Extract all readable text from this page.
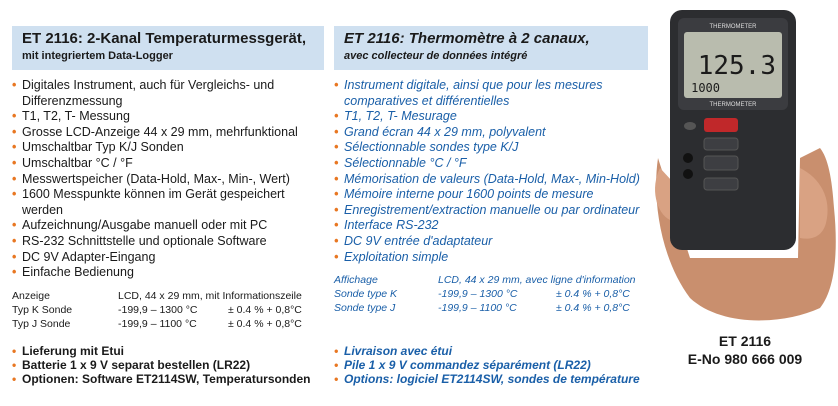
ET 2116: 2-Kanal Temperaturmessgerät,
mit integriertem Data-Logger
• Digitales Instrument, auch für Vergleichs- und Differenzmessung
• T1, T2, T- Messung
• Grosse LCD-Anzeige 44 x 29 mm, mehrfunktional
• Umschaltbar Typ K/J Sonden
• Umschaltbar °C / °F
• Messwertspeicher (Data-Hold, Max-, Min-, Wert)
• 1600 Messpunkte können im Gerät gespeichert werden
• Aufzeichnung/Ausgabe manuell oder mit PC
• RS-232 Schnittstelle und optionale Software
• DC 9V Adapter-Eingang
• Einfache Bedienung
Anzeige	LCD, 44 x 29 mm, mit Informationszeile
Typ K Sonde	-199,9 – 1300 °C	± 0.4 % + 0,8°C
Typ J Sonde	-199,9 – 1100 °C	± 0.4 % + 0,8°C
ET 2116: Thermomètre à 2 canaux,
avec collecteur de données intégré
• Instrument digitale, ainsi que pour les mesures comparatives et différentielles
• T1, T2, T- Mesurage
• Grand écran 44 x 29 mm, polyvalent
• Sélectionnable sondes type K/J
• Sélectionnable °C / °F
• Mémorisation de valeurs (Data-Hold, Max-, Min-Hold)
• Mémoire interne pour 1600 points de mesure
• Enregistrement/extraction manuelle ou par ordinateur
• Interface RS-232
• DC 9V entrée d'adaptateur
• Exploitation simple
Affichage	LCD, 44 x 29 mm, avec ligne d'information
Sonde type K	-199,9 – 1300 °C	± 0.4 % + 0,8°C
Sonde type J	-199,9 – 1100 °C	± 0.4 % + 0,8°C
• Lieferung mit Etui
• Batterie 1 x 9 V separat bestellen (LR22)
• Optionen: Software ET2114SW, Temperatursonden
• Livraison avec étui
• Pile 1 x 9 V commandez séparément (LR22)
• Options: logiciel ET2114SW, sondes de température
THERMOMETER
125.3
1000
THERMOMETER
ET 2116
E-No 980 666 009
